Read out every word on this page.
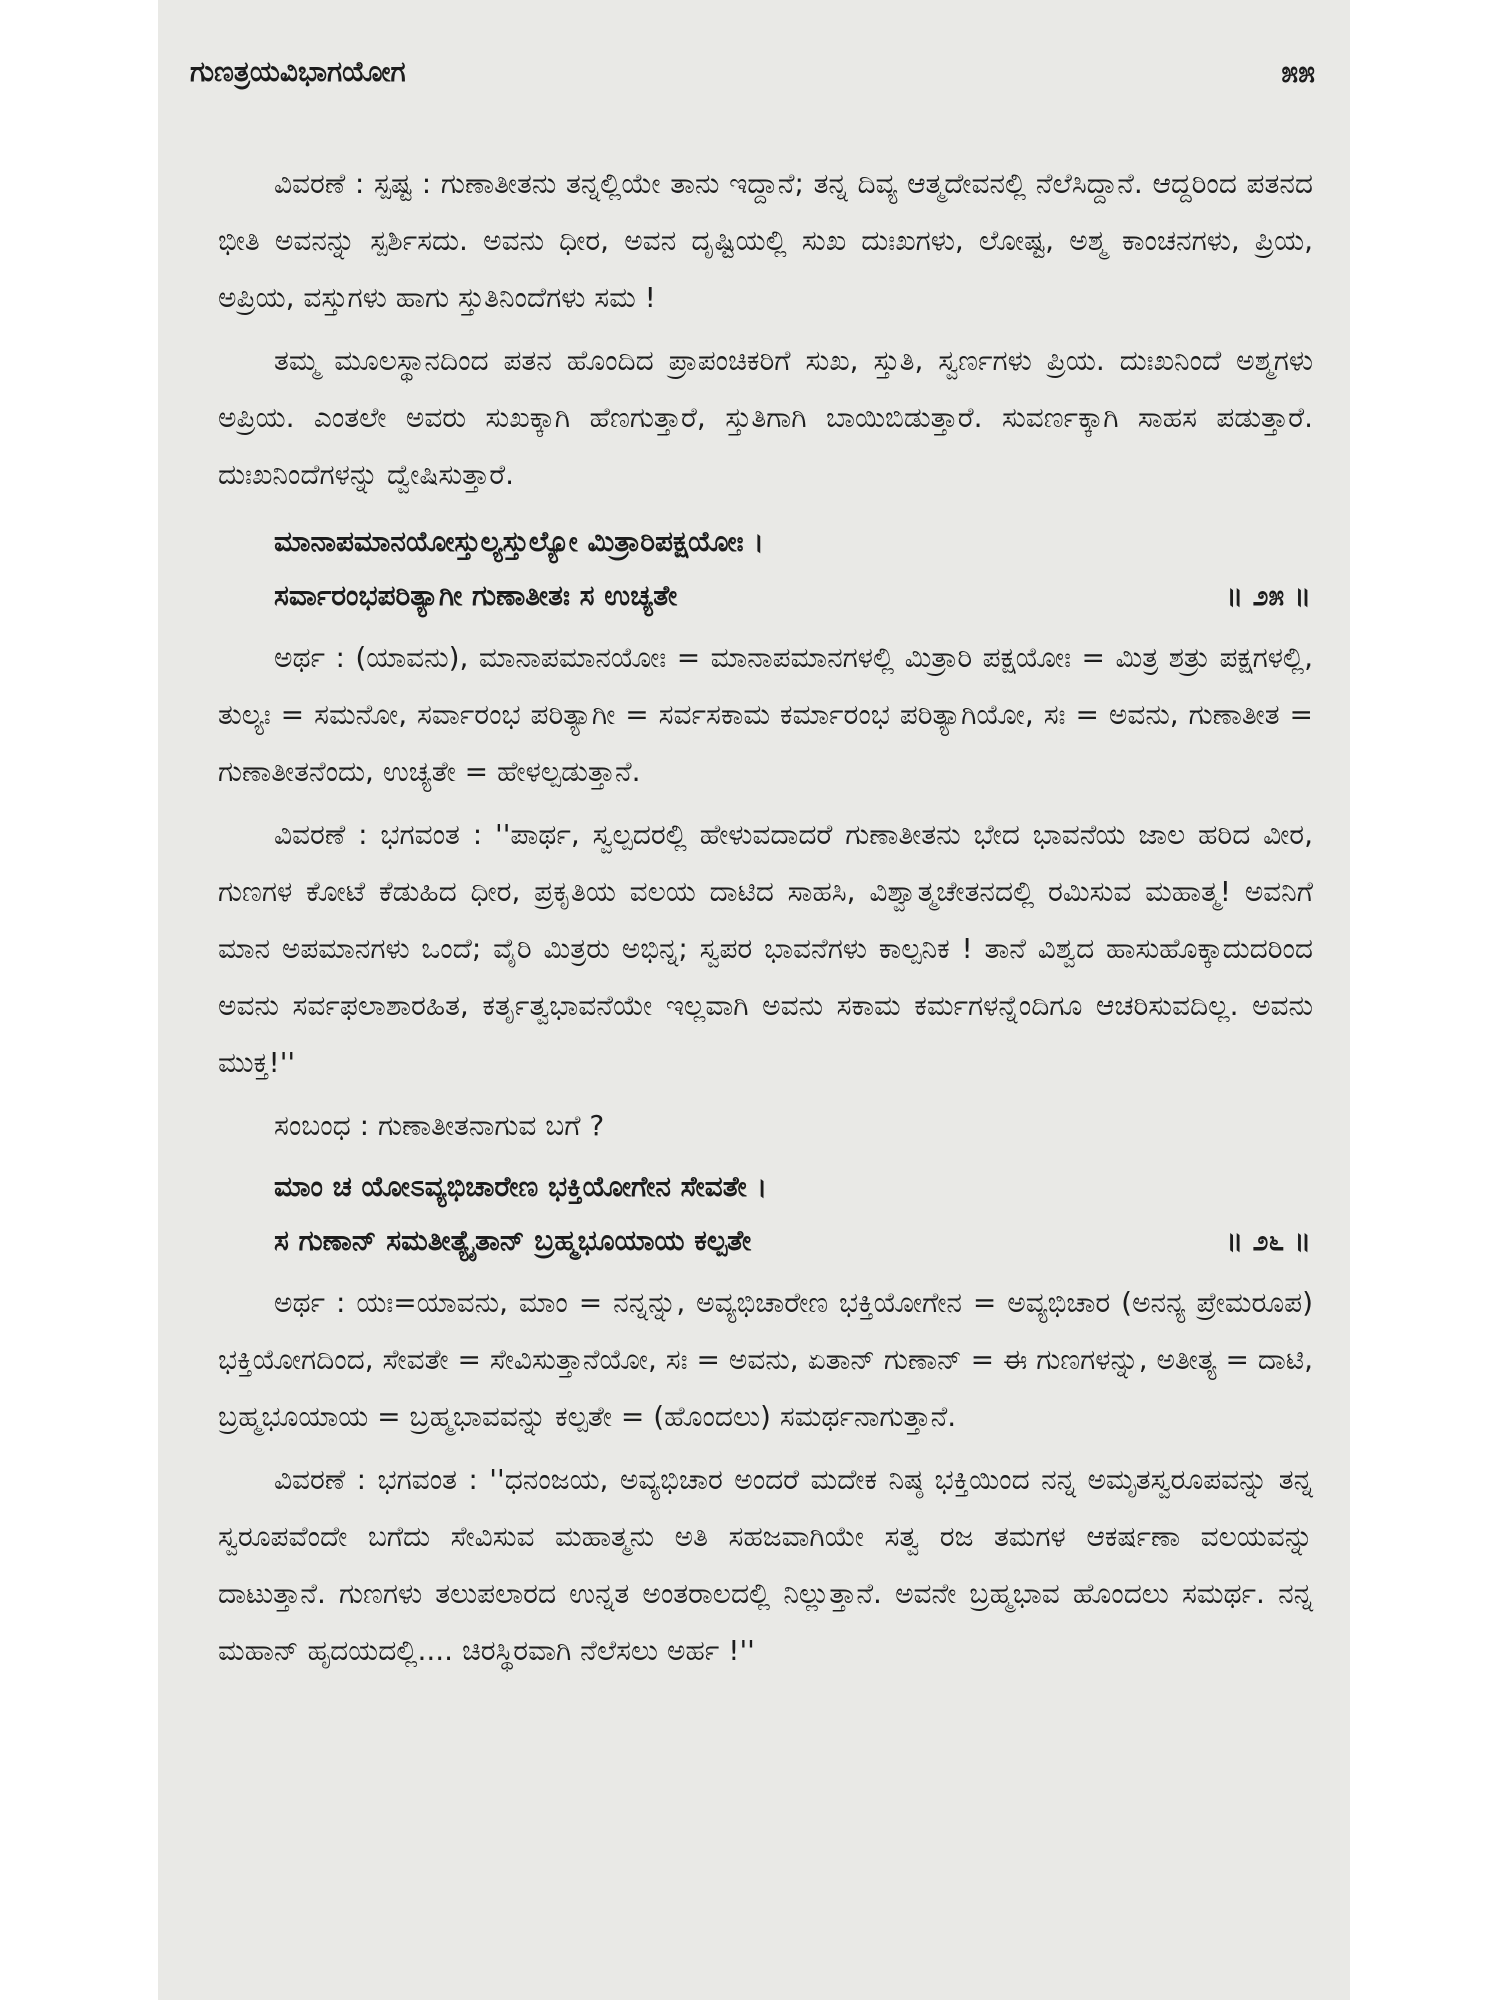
ಗುಣತ್ರಯವಿಭಾಗಯೋಗ	೫೫

ವಿವರಣೆ : ಸ್ಪಷ್ಟ : ಗುಣಾತೀತನು ತನ್ನಲ್ಲಿಯೇ ತಾನು ಇದ್ದಾನೆ; ತನ್ನ ದಿವ್ಯ ಆತ್ಮದೇವನಲ್ಲಿ ನೆಲೆಸಿದ್ದಾನೆ. ಆದ್ದರಿಂದ ಪತನದ ಭೀತಿ ಅವನನ್ನು ಸ್ಪರ್ಶಿಸದು. ಅವನು ಧೀರ, ಅವನ ದೃಷ್ಟಿಯಲ್ಲಿ ಸುಖ ದುಃಖಗಳು, ಲೋಷ್ಟ, ಅಶ್ಮ ಕಾಂಚನಗಳು, ಪ್ರಿಯ, ಅಪ್ರಿಯ, ವಸ್ತುಗಳು ಹಾಗು ಸ್ತುತಿನಿಂದೆಗಳು ಸಮ !

ತಮ್ಮ ಮೂಲಸ್ಥಾನದಿಂದ ಪತನ ಹೊಂದಿದ ಪ್ರಾಪಂಚಿಕರಿಗೆ ಸುಖ, ಸ್ತುತಿ, ಸ್ವರ್ಣಗಳು ಪ್ರಿಯ. ದುಃಖನಿಂದೆ ಅಶ್ಮಗಳು ಅಪ್ರಿಯ. ಎಂತಲೇ ಅವರು ಸುಖಕ್ಕಾಗಿ ಹೆಣಗುತ್ತಾರೆ, ಸ್ತುತಿಗಾಗಿ ಬಾಯಿಬಿಡುತ್ತಾರೆ. ಸುವರ್ಣಕ್ಕಾಗಿ ಸಾಹಸ ಪಡುತ್ತಾರೆ. ದುಃಖನಿಂದೆಗಳನ್ನು ದ್ವೇಷಿಸುತ್ತಾರೆ.

ಮಾನಾಪಮಾನಯೋಸ್ತುಲ್ಯಸ್ತುಲ್ಯೋ ಮಿತ್ರಾರಿಪಕ್ಷಯೋಃ ।

ಸರ್ವಾರಂಭಪರಿತ್ಯಾಗೀ ಗುಣಾತೀತಃ ಸ ಉಚ್ಯತೇ	॥ ೨೫ ॥

ಅರ್ಥ : (ಯಾವನು), ಮಾನಾಪಮಾನಯೋಃ = ಮಾನಾಪಮಾನಗಳಲ್ಲಿ ಮಿತ್ರಾರಿ ಪಕ್ಷಯೋಃ = ಮಿತ್ರ ಶತ್ರು ಪಕ್ಷಗಳಲ್ಲಿ, ತುಲ್ಯಃ = ಸಮನೋ, ಸರ್ವಾರಂಭ ಪರಿತ್ಯಾಗೀ = ಸರ್ವಸಕಾಮ ಕರ್ಮಾರಂಭ ಪರಿತ್ಯಾಗಿಯೋ, ಸಃ = ಅವನು, ಗುಣಾತೀತ = ಗುಣಾತೀತನೆಂದು, ಉಚ್ಯತೇ = ಹೇಳಲ್ಪಡುತ್ತಾನೆ.

ವಿವರಣೆ : ಭಗವಂತ : ''ಪಾರ್ಥ, ಸ್ವಲ್ಪದರಲ್ಲಿ ಹೇಳುವದಾದರೆ ಗುಣಾತೀತನು ಭೇದ ಭಾವನೆಯ ಜಾಲ ಹರಿದ ವೀರ, ಗುಣಗಳ ಕೋಟೆ ಕೆಡುಹಿದ ಧೀರ, ಪ್ರಕೃತಿಯ ವಲಯ ದಾಟಿದ ಸಾಹಸಿ, ವಿಶ್ವಾತ್ಮಚೇತನದಲ್ಲಿ ರಮಿಸುವ ಮಹಾತ್ಮ! ಅವನಿಗೆ ಮಾನ ಅಪಮಾನಗಳು ಒಂದೆ; ವೈರಿ ಮಿತ್ರರು ಅಭಿನ್ನ; ಸ್ವಪರ ಭಾವನೆಗಳು ಕಾಲ್ಪನಿಕ ! ತಾನೆ ವಿಶ್ವದ ಹಾಸುಹೊಕ್ಕಾದುದರಿಂದ ಅವನು ಸರ್ವಫಲಾಶಾರಹಿತ, ಕರ್ತೃತ್ವಭಾವನೆಯೇ ಇಲ್ಲವಾಗಿ ಅವನು ಸಕಾಮ ಕರ್ಮಗಳನ್ನೆಂದಿಗೂ ಆಚರಿಸುವದಿಲ್ಲ. ಅವನು ಮುಕ್ತ!''

ಸಂಬಂಧ : ಗುಣಾತೀತನಾಗುವ ಬಗೆ ?

ಮಾಂ ಚ ಯೋಽವ್ಯಭಿಚಾರೇಣ ಭಕ್ತಿಯೋಗೇನ ಸೇವತೇ ।

ಸ ಗುಣಾನ್ ಸಮತೀತ್ಯೈತಾನ್ ಬ್ರಹ್ಮಭೂಯಾಯ ಕಲ್ಪತೇ	॥ ೨೬ ॥

ಅರ್ಥ : ಯಃ=ಯಾವನು, ಮಾಂ = ನನ್ನನ್ನು, ಅವ್ಯಭಿಚಾರೇಣ ಭಕ್ತಿಯೋಗೇನ = ಅವ್ಯಭಿಚಾರ (ಅನನ್ಯ ಪ್ರೇಮರೂಪ) ಭಕ್ತಿಯೋಗದಿಂದ, ಸೇವತೇ = ಸೇವಿಸುತ್ತಾನೆಯೋ, ಸಃ = ಅವನು, ಏತಾನ್ ಗುಣಾನ್ = ಈ ಗುಣಗಳನ್ನು, ಅತೀತ್ಯ = ದಾಟಿ, ಬ್ರಹ್ಮಭೂಯಾಯ = ಬ್ರಹ್ಮಭಾವವನ್ನು ಕಲ್ಪತೇ = (ಹೊಂದಲು) ಸಮರ್ಥನಾಗುತ್ತಾನೆ.

ವಿವರಣೆ : ಭಗವಂತ : ''ಧನಂಜಯ, ಅವ್ಯಭಿಚಾರ ಅಂದರೆ ಮದೇಕ ನಿಷ್ಠ ಭಕ್ತಿಯಿಂದ ನನ್ನ ಅಮೃತಸ್ವರೂಪವನ್ನು ತನ್ನ ಸ್ವರೂಪವೆಂದೇ ಬಗೆದು ಸೇವಿಸುವ ಮಹಾತ್ಮನು ಅತಿ ಸಹಜವಾಗಿಯೇ ಸತ್ವ ರಜ ತಮಗಳ ಆಕರ್ಷಣಾ ವಲಯವನ್ನು ದಾಟುತ್ತಾನೆ. ಗುಣಗಳು ತಲುಪಲಾರದ ಉನ್ನತ ಅಂತರಾಲದಲ್ಲಿ ನಿಲ್ಲುತ್ತಾನೆ. ಅವನೇ ಬ್ರಹ್ಮಭಾವ ಹೊಂದಲು ಸಮರ್ಥ. ನನ್ನ ಮಹಾನ್ ಹೃದಯದಲ್ಲಿ.... ಚಿರಸ್ಥಿರವಾಗಿ ನೆಲೆಸಲು ಅರ್ಹ !''
